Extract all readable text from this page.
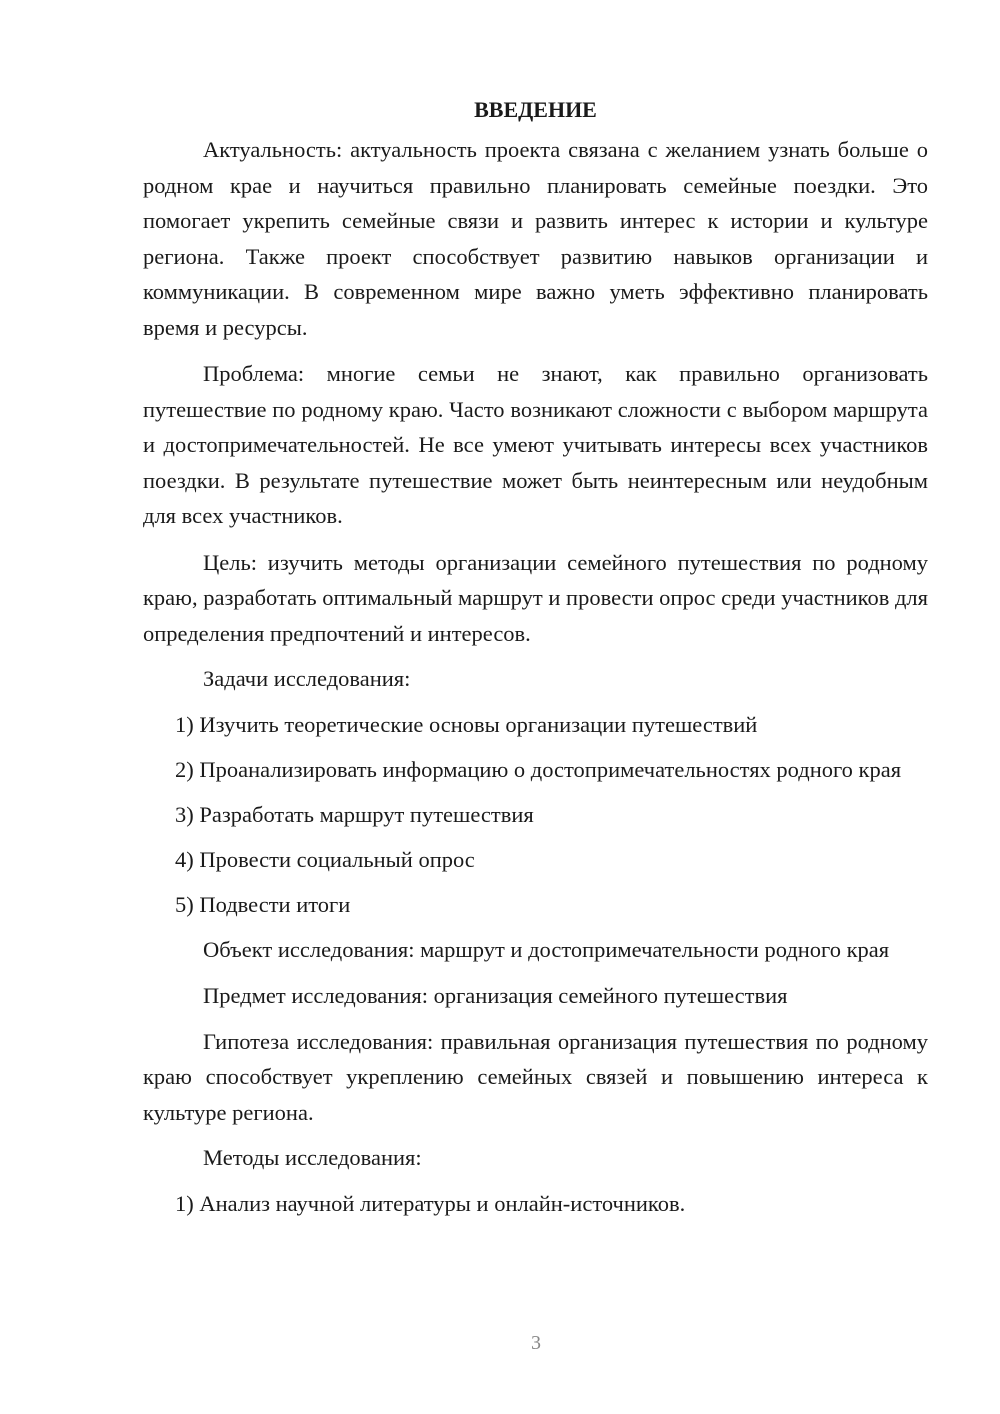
ВВЕДЕНИЕ

Актуальность: актуальность проекта связана с желанием узнать больше о родном крае и научиться правильно планировать семейные поездки. Это помогает укрепить семейные связи и развить интерес к истории и культуре региона. Также проект способствует развитию навыков организации и коммуникации. В современном мире важно уметь эффективно планировать время и ресурсы.

Проблема: многие семьи не знают, как правильно организовать путешествие по родному краю. Часто возникают сложности с выбором маршрута и достопримечательностей. Не все умеют учитывать интересы всех участников поездки. В результате путешествие может быть неинтересным или неудобным для всех участников.

Цель: изучить методы организации семейного путешествия по родному краю, разработать оптимальный маршрут и провести опрос среди участников для определения предпочтений и интересов.

Задачи исследования:

1) Изучить теоретические основы организации путешествий

2) Проанализировать информацию о достопримечательностях родного края

3) Разработать маршрут путешествия

4) Провести социальный опрос

5) Подвести итоги

Объект исследования: маршрут и достопримечательности родного края

Предмет исследования: организация семейного путешествия

Гипотеза исследования: правильная организация путешествия по родному краю способствует укреплению семейных связей и повышению интереса к культуре региона.

Методы исследования:

1) Анализ научной литературы и онлайн-источников.

3
